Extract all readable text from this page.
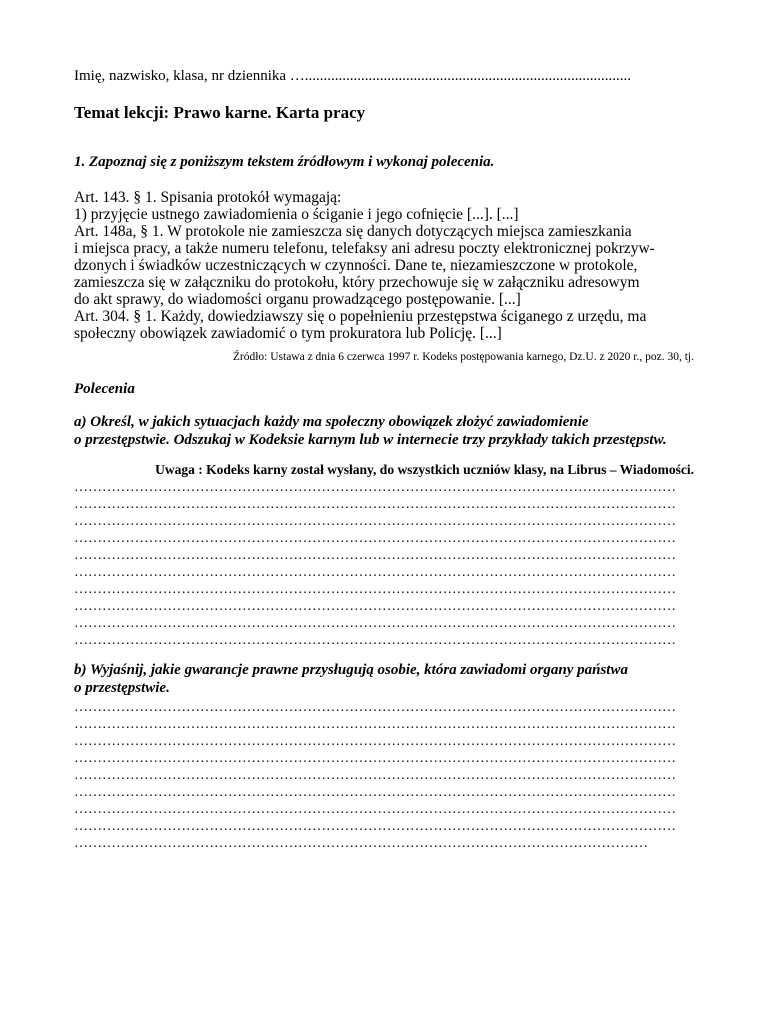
Imię, nazwisko, klasa, nr dziennika ….......................................................................................
Temat lekcji: Prawo karne. Karta pracy
1. Zapoznaj się z poniższym tekstem źródłowym i wykonaj polecenia.
Art. 143. § 1. Spisania protokół wymagają:
1) przyjęcie ustnego zawiadomienia o ściganie i jego cofnięcie [...]. [...]
Art. 148a, § 1. W protokole nie zamieszcza się danych dotyczących miejsca zamieszkania
i miejsca pracy, a także numeru telefonu, telefaksy ani adresu poczty elektronicznej pokrzyw-
dzonych i świadków uczestniczących w czynności. Dane te, niezamieszczone w protokole,
zamieszcza się w załączniku do protokołu, który przechowuje się w załączniku adresowym
do akt sprawy, do wiadomości organu prowadzącego postępowanie. [...]
Art. 304. § 1. Każdy, dowiedziawszy się o popełnieniu przestępstwa ściganego z urzędu, ma
społeczny obowiązek zawiadomić o tym prokuratora lub Policję. [...]
Źródło: Ustawa z dnia 6 czerwca 1997 r. Kodeks postępowania karnego, Dz.U. z 2020 r., poz. 30, tj.
Polecenia
a) Określ, w jakich sytuacjach każdy ma społeczny obowiązek złożyć zawiadomienie
o przestępstwie. Odszukaj w Kodeksie karnym lub w internecie trzy przykłady takich przestępstw.
Uwaga : Kodeks karny został wysłany, do wszystkich uczniów klasy, na Librus – Wiadomości.
…………………………………………………………………………………………………………………
…………………………………………………………………………………………………………………
…………………………………………………………………………………………………………………
…………………………………………………………………………………………………………………
…………………………………………………………………………………………………………………
…………………………………………………………………………………………………………………
…………………………………………………………………………………………………………………
…………………………………………………………………………………………………………………
…………………………………………………………………………………………………………………
…………………………………………………………………………………………………………………
b) Wyjaśnij, jakie gwarancje prawne przysługują osobie, która zawiadomi organy państwa
o przestępstwie.
…………………………………………………………………………………………………………………
…………………………………………………………………………………………………………………
…………………………………………………………………………………………………………………
…………………………………………………………………………………………………………………
…………………………………………………………………………………………………………………
…………………………………………………………………………………………………………………
…………………………………………………………………………………………………………………
…………………………………………………………………………………………………………………
……………………………………………………………………………………………………………
